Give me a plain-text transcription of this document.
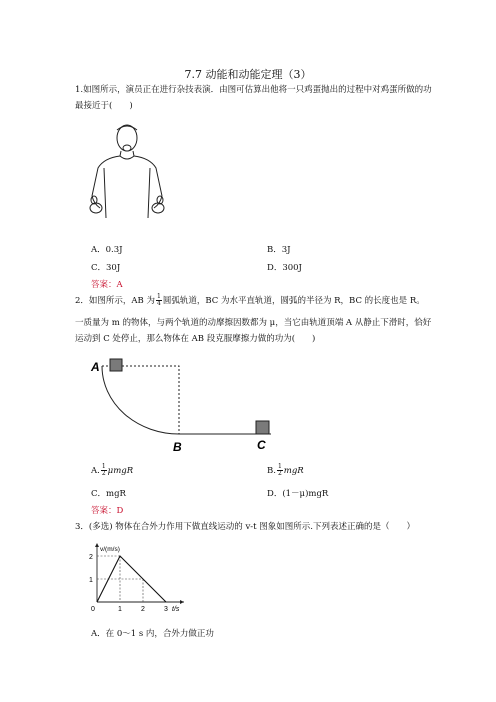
7.7 动能和动能定理（3）
1.如图所示，演员正在进行杂技表演．由图可估算出他将一只鸡蛋抛出的过程中对鸡蛋所做的功最接近于(　　)
A．0.3J	B．3J
C．30J	D．300J
答案：A
2．如图所示，AB 为 $\frac{1}{4}$ 圆弧轨道，BC 为水平直轨道，圆弧的半径为 R，BC 的长度也是 R。
一质量为 m 的物体，与两个轨道的动摩擦因数都为 μ，当它由轨道顶端 A 从静止下滑时，恰好运动到 C 处停止，那么物体在 AB 段克服摩擦力做的功为(　　)
A
B	C
A. $\frac{1}{2}$ μmgR	B. $\frac{1}{2}$ mgR
C．mgR	D．(1－μ)mgR
答案：D
3．(多选) 物体在合外力作用下做直线运动的 v-t 图象如图所示.下列表述正确的是（　　）
0	1	2	3
1
2
v/(m/s)
t/s
A．在 0～1 s 内，合外力做正功
